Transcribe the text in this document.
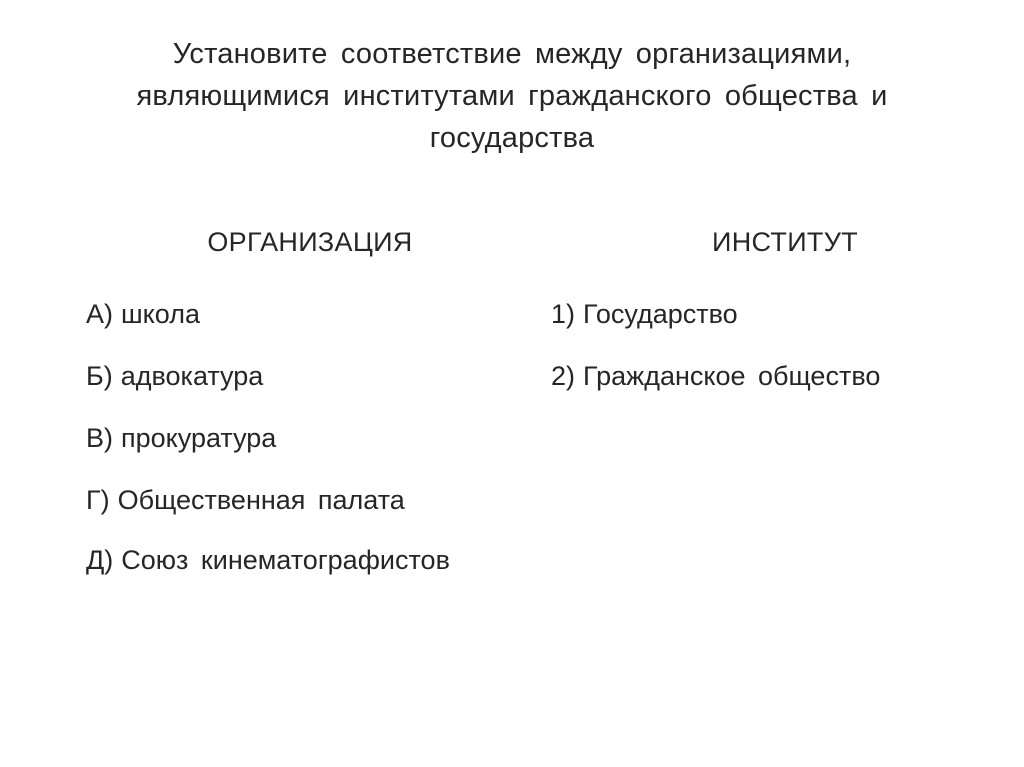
Установите соответствие между организациями,
являющимися институтами гражданского общества и
государства
ОРГАНИЗАЦИЯ	ИНСТИТУТ
А) школа
Б) адвокатура
В) прокуратура
Г) Общественная палата
Д) Союз кинематографистов
1) Государство
2) Гражданское общество
